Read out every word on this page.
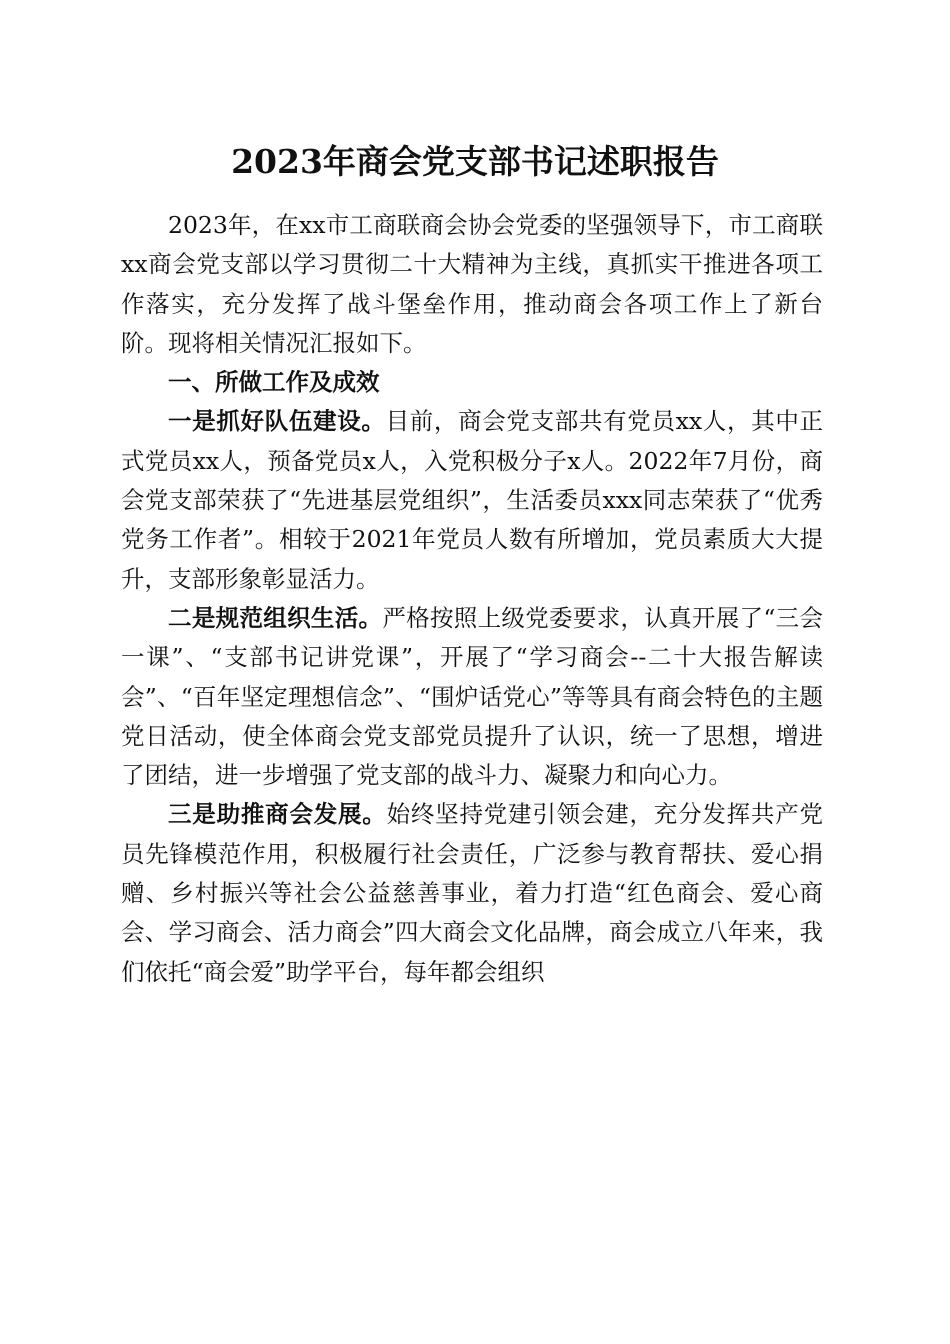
2023年商会党支部书记述职报告

2023年，在xx市工商联商会协会党委的坚强领导下，市工商联xx商会党支部以学习贯彻二十大精神为主线，真抓实干推进各项工作落实，充分发挥了战斗堡垒作用，推动商会各项工作上了新台阶。现将相关情况汇报如下。

一、所做工作及成效

一是抓好队伍建设。目前，商会党支部共有党员xx人，其中正式党员xx人，预备党员x人，入党积极分子x人。2022年7月份，商会党支部荣获了“先进基层党组织”，生活委员xxx同志荣获了“优秀党务工作者”。相较于2021年党员人数有所增加，党员素质大大提升，支部形象彰显活力。

二是规范组织生活。严格按照上级党委要求，认真开展了“三会一课”、“支部书记讲党课”，开展了“学习商会--二十大报告解读会”、“百年坚定理想信念”、“围炉话党心”等等具有商会特色的主题党日活动，使全体商会党支部党员提升了认识，统一了思想，增进了团结，进一步增强了党支部的战斗力、凝聚力和向心力。

三是助推商会发展。始终坚持党建引领会建，充分发挥共产党员先锋模范作用，积极履行社会责任，广泛参与教育帮扶、爱心捐赠、乡村振兴等社会公益慈善事业，着力打造“红色商会、爱心商会、学习商会、活力商会”四大商会文化品牌，商会成立八年来，我们依托“商会爱”助学平台，每年都会组织
